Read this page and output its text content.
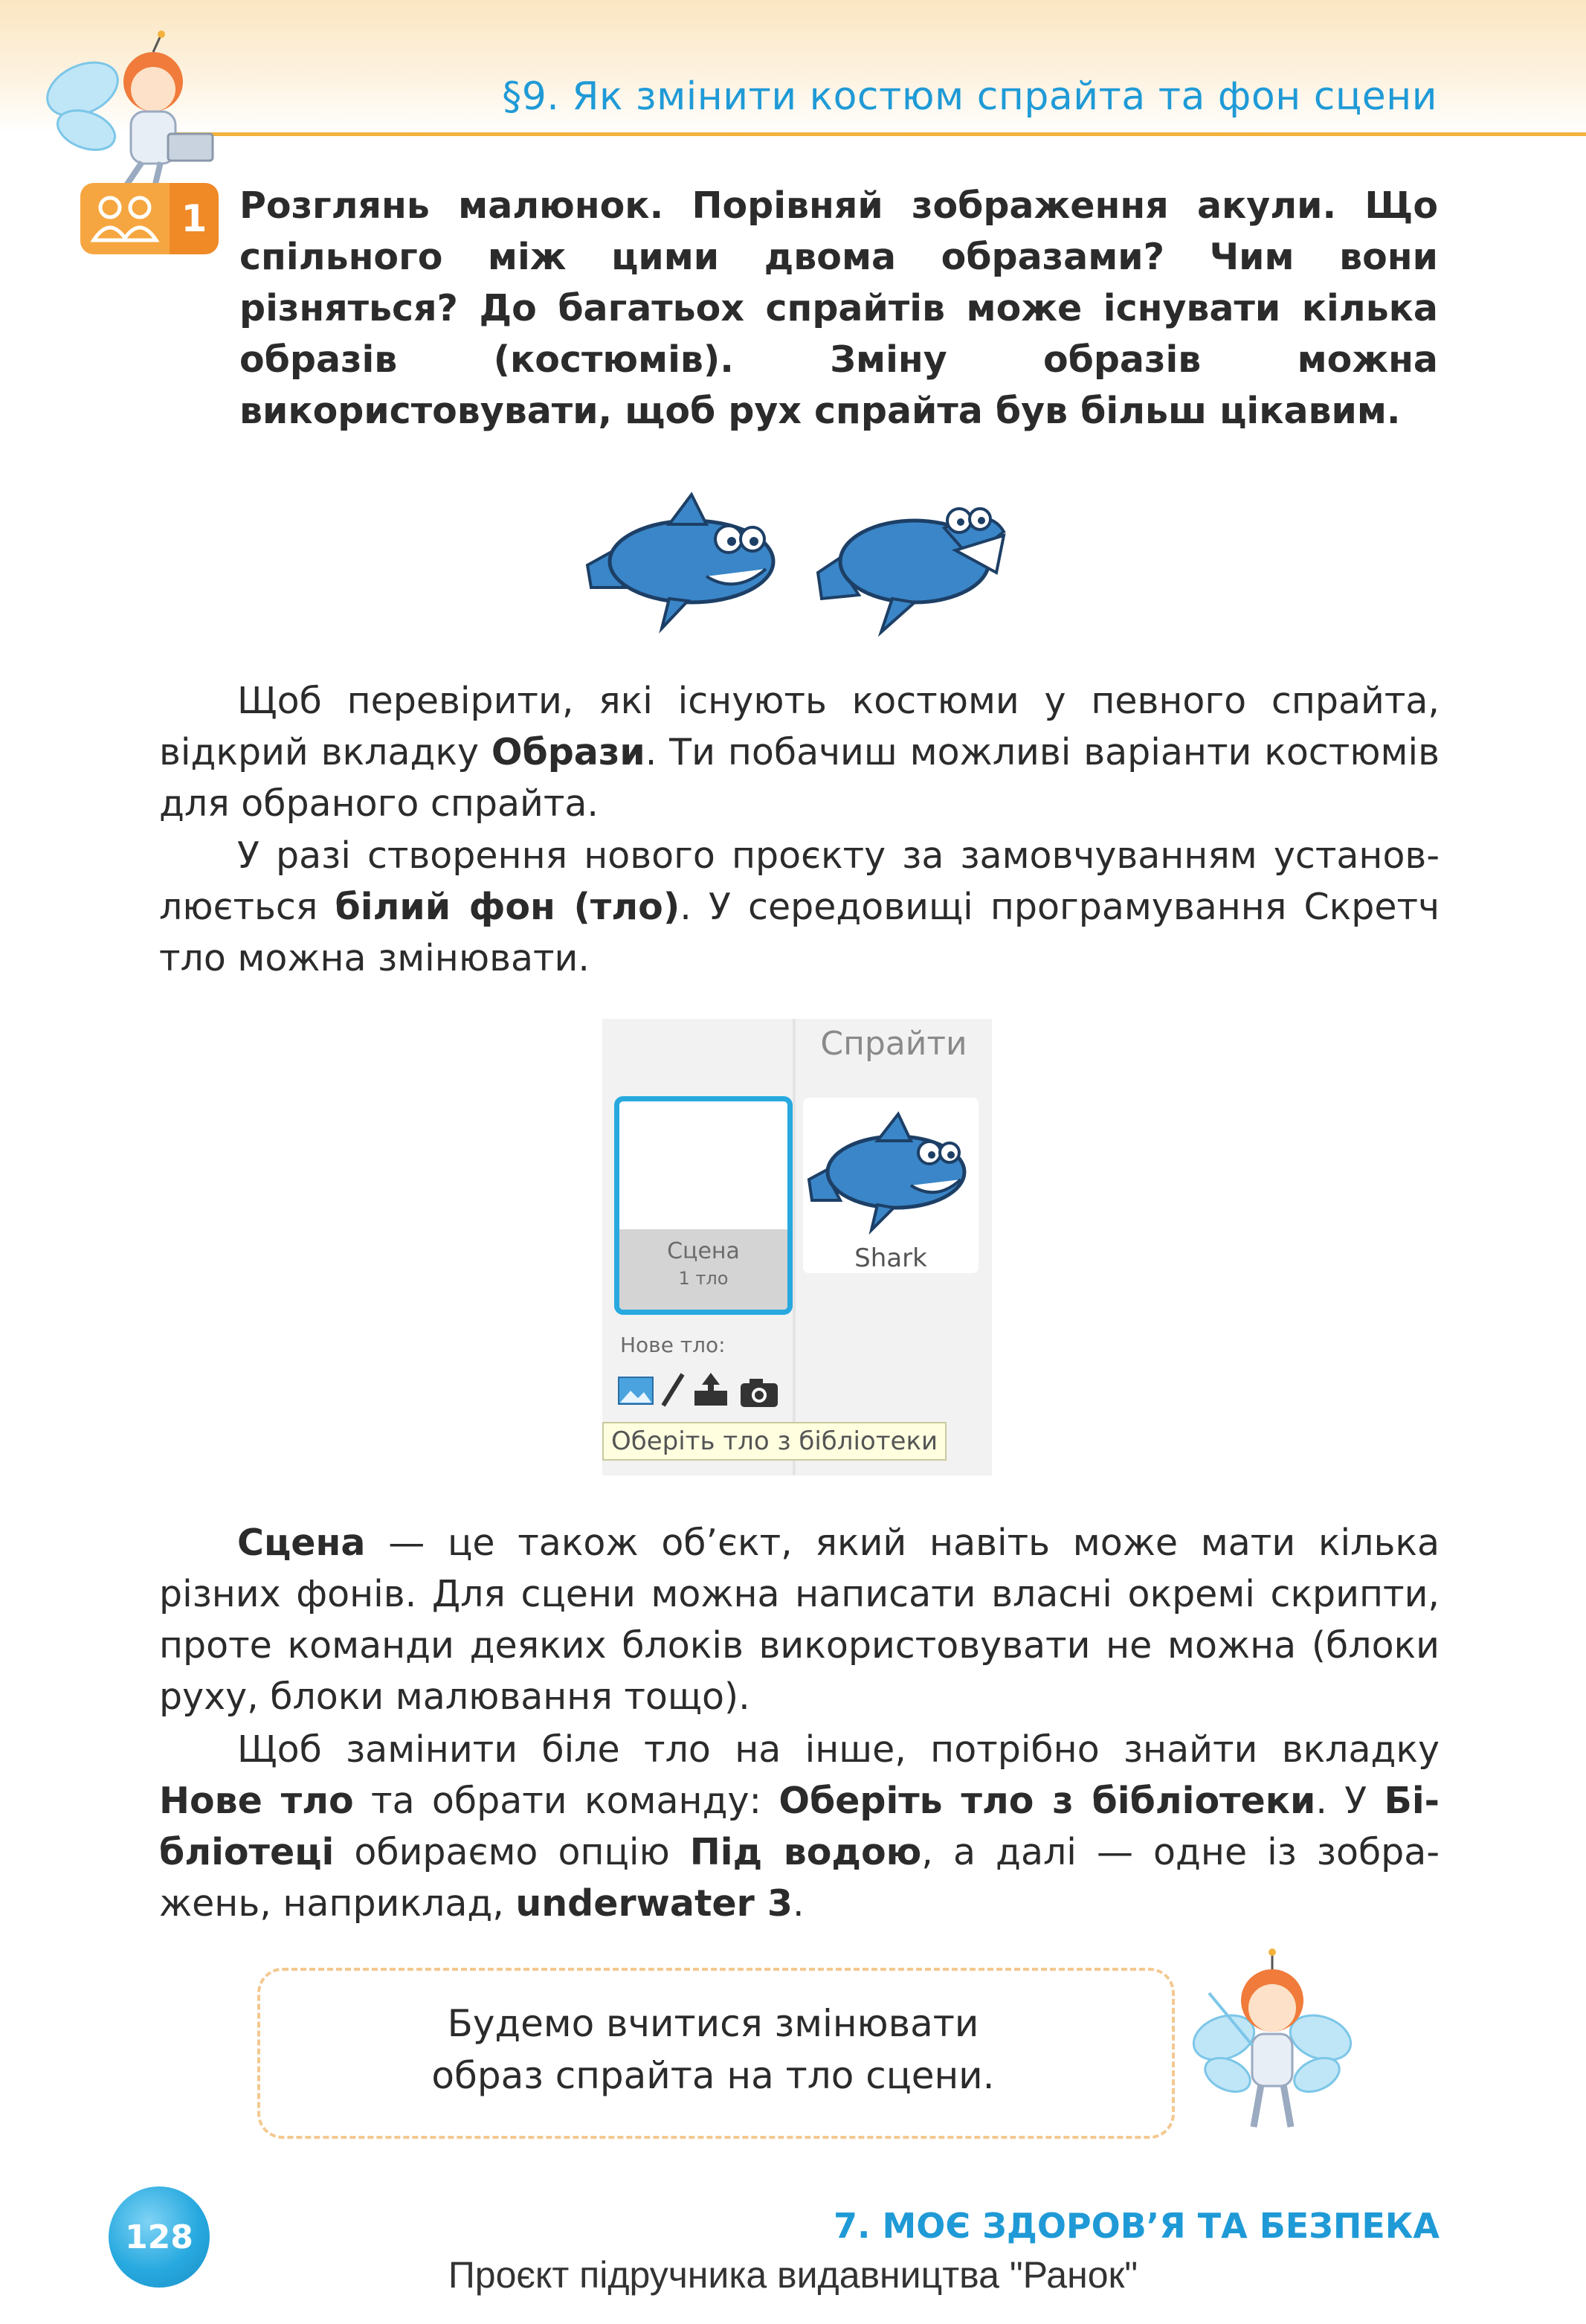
§9. Як змінити костюм спрайта та фон сцени
1 Розглянь малюнок. Порівняй зображення акули. Що спільного між цими двома образами? Чим вони різняться? До багатьох спрайтів може існувати кілька образів (костюмів). Зміну образів можна використовувати, щоб рух спрайта був більш цікавим.
Щоб перевірити, які існують костюми у певного спрайта, відкрий вкладку Образи. Ти побачиш можливі варіанти костюмів для обраного спрайта.
У разі створення нового проєкту за замовчуванням установлюється білий фон (тло). У середовищі програмування Скретч тло можна змінювати.
Спрайти
Сцена
1 тло
Shark
Нове тло:
Оберіть тло з бібліотеки
Сцена — це також об’єкт, який навіть може мати кілька різних фонів. Для сцени можна написати власні окремі скрипти, проте команди деяких блоків використовувати не можна (блоки руху, блоки малювання тощо).
Щоб замінити біле тло на інше, потрібно знайти вкладку Нове тло та обрати команду: Оберіть тло з бібліотеки. У Бібліотеці обираємо опцію Під водою, а далі — одне із зображень, наприклад, underwater 3.
Будемо вчитися змінювати
образ спрайта на тло сцени.
128	7. МОЄ ЗДОРОВ’Я ТА БЕЗПЕКА
Проєкт підручника видавництва "Ранок"
